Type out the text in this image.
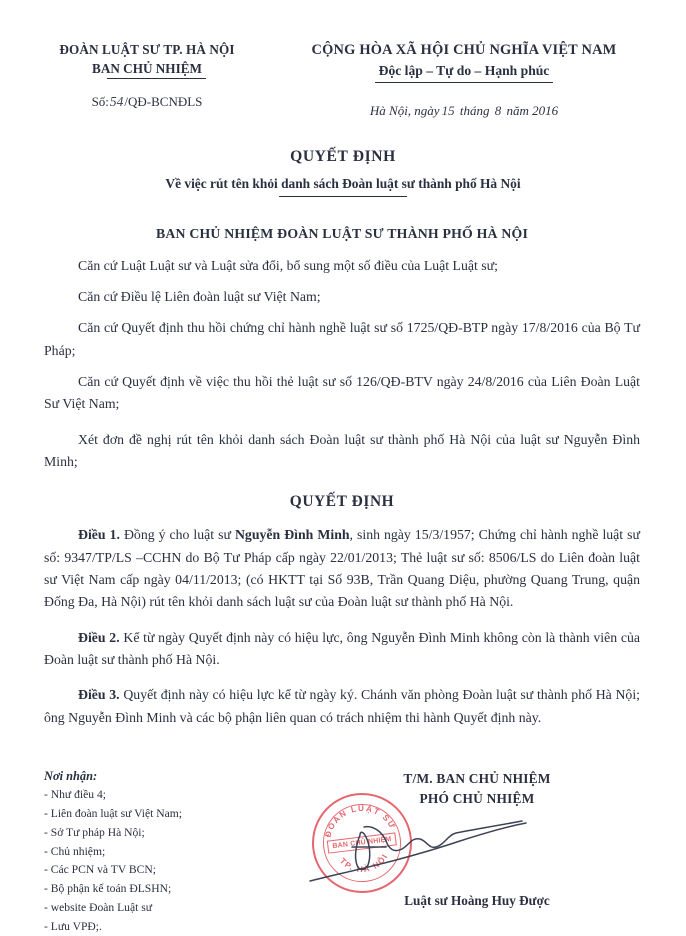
ĐOÀN LUẬT SƯ TP. HÀ NỘI
BAN CHỦ NHIỆM
Số:54/QĐ-BCNĐLS
CỘNG HÒA XÃ HỘI CHỦ NGHĨA VIỆT NAM
Độc lập – Tự do – Hạnh phúc
Hà Nội, ngày 15 tháng 8 năm 2016
QUYẾT ĐỊNH
Về việc rút tên khỏi danh sách Đoàn luật sư thành phố Hà Nội
BAN CHỦ NHIỆM ĐOÀN LUẬT SƯ THÀNH PHỐ HÀ NỘI

Căn cứ Luật Luật sư và Luật sửa đổi, bổ sung một số điều của Luật Luật sư;

Căn cứ Điều lệ Liên đoàn luật sư Việt Nam;

Căn cứ Quyết định thu hồi chứng chỉ hành nghề luật sư số 1725/QĐ-BTP ngày 17/8/2016 của Bộ Tư Pháp;

Căn cứ Quyết định về việc thu hồi thẻ luật sư số 126/QĐ-BTV ngày 24/8/2016 của Liên Đoàn Luật Sư Việt Nam;

Xét đơn đề nghị rút tên khỏi danh sách Đoàn luật sư thành phố Hà Nội của luật sư Nguyễn Đình Minh;

QUYẾT ĐỊNH

Điều 1. Đồng ý cho luật sư Nguyễn Đình Minh, sinh ngày 15/3/1957; Chứng chỉ hành nghề luật sư số: 9347/TP/LS –CCHN do Bộ Tư Pháp cấp ngày 22/01/2013; Thẻ luật sư số: 8506/LS do Liên đoàn luật sư Việt Nam cấp ngày 04/11/2013; (có HKTT tại Số 93B, Trần Quang Diệu, phường Quang Trung, quận Đống Đa, Hà Nội) rút tên khỏi danh sách luật sư của Đoàn luật sư thành phố Hà Nội.

Điều 2. Kể từ ngày Quyết định này có hiệu lực, ông Nguyễn Đình Minh không còn là thành viên của Đoàn luật sư thành phố Hà Nội.

Điều 3. Quyết định này có hiệu lực kể từ ngày ký. Chánh văn phòng Đoàn luật sư thành phố Hà Nội; ông Nguyễn Đình Minh và các bộ phận liên quan có trách nhiệm thi hành Quyết định này.

Nơi nhận:
- Như điều 4;
- Liên đoàn luật sư Việt Nam;
- Sở Tư pháp Hà Nội;
- Chủ nhiệm;
- Các PCN và TV BCN;
- Bộ phận kế toán ĐLSHN;
- website Đoàn Luật sư
- Lưu VPĐ;.
T/M. BAN CHỦ NHIỆM
PHÓ CHỦ NHIỆM
ĐOÀN LUẬT SƯ
TP. HÀ NỘI
BAN CHỦ NHIỆM
Luật sư Hoàng Huy Được
